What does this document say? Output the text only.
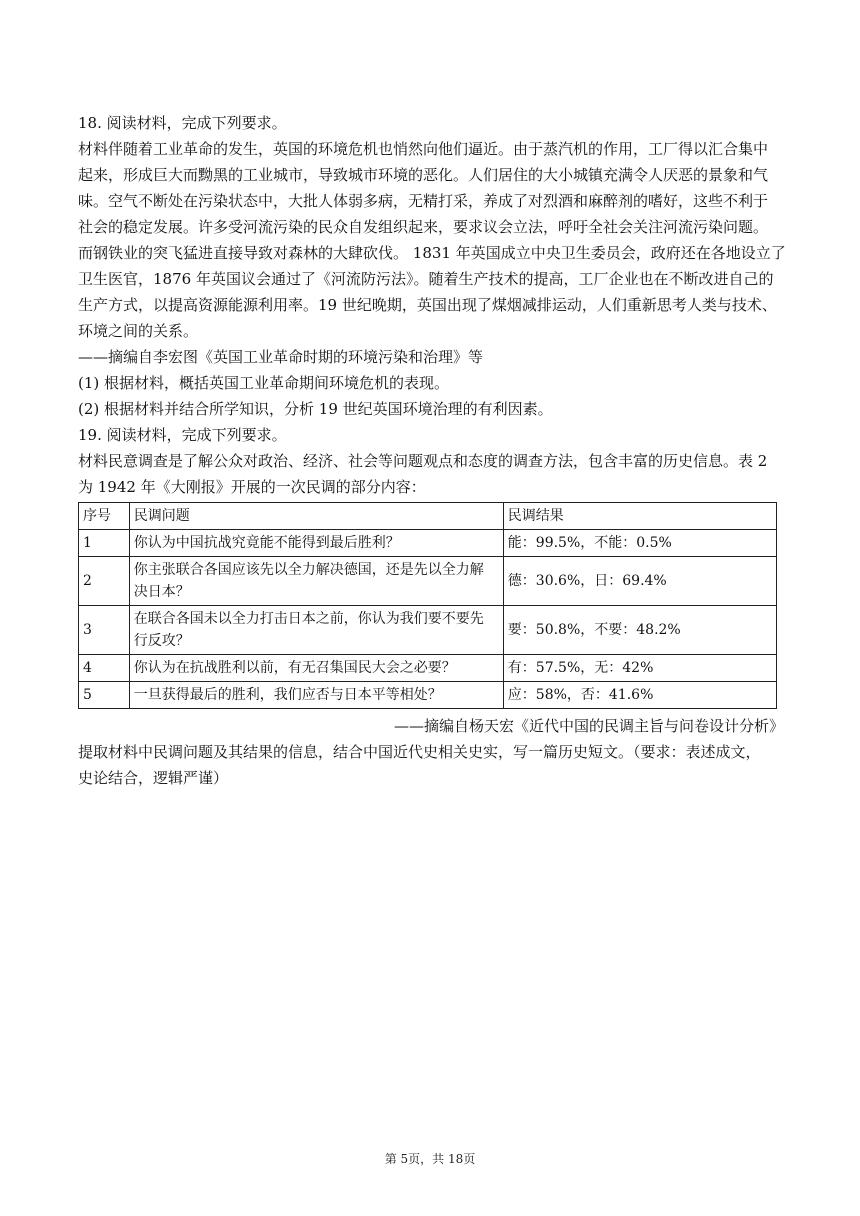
18. 阅读材料，完成下列要求。

材料伴随着工业革命的发生，英国的环境危机也悄然向他们逼近。由于蒸汽机的作用，工厂得以汇合集中

起来，形成巨大而黝黑的工业城市，导致城市环境的恶化。人们居住的大小城镇充满令人厌恶的景象和气

味。空气不断处在污染状态中，大批人体弱多病，无精打采，养成了对烈酒和麻醉剂的嗜好，这些不利于

社会的稳定发展。许多受河流污染的民众自发组织起来，要求议会立法，呼吁全社会关注河流污染问题。

而钢铁业的突飞猛进直接导致对森林的大肆砍伐。 1831 年英国成立中央卫生委员会，政府还在各地设立了

卫生医官，1876 年英国议会通过了《河流防污法》。随着生产技术的提高，工厂企业也在不断改进自己的

生产方式，以提高资源能源利用率。19 世纪晚期，英国出现了煤烟减排运动，人们重新思考人类与技术、

环境之间的关系。

——摘编自李宏图《英国工业革命时期的环境污染和治理》等

(1) 根据材料，概括英国工业革命期间环境危机的表现。

(2) 根据材料并结合所学知识，分析 19 世纪英国环境治理的有利因素。

19. 阅读材料，完成下列要求。

材料民意调查是了解公众对政治、经济、社会等问题观点和态度的调查方法，包含丰富的历史信息。表 2

为 1942 年《大刚报》开展的一次民调的部分内容：

序号	民调问题	民调结果
1	你认为中国抗战究竟能不能得到最后胜利？	能：99.5%，不能：0.5%
2	你主张联合各国应该先以全力解决德国，还是先以全力解
决日本？	德：30.6%，日：69.4%
3	在联合各国未以全力打击日本之前，你认为我们要不要先
行反攻？	要：50.8%，不要：48.2%
4	你认为在抗战胜利以前，有无召集国民大会之必要？	有：57.5%，无：42%
5	一旦获得最后的胜利，我们应否与日本平等相处？	应：58%，否：41.6%

——摘编自杨天宏《近代中国的民调主旨与问卷设计分析》

提取材料中民调问题及其结果的信息，结合中国近代史相关史实，写一篇历史短文。（要求：表述成文，

史论结合，逻辑严谨）

第 5页，共 18页
